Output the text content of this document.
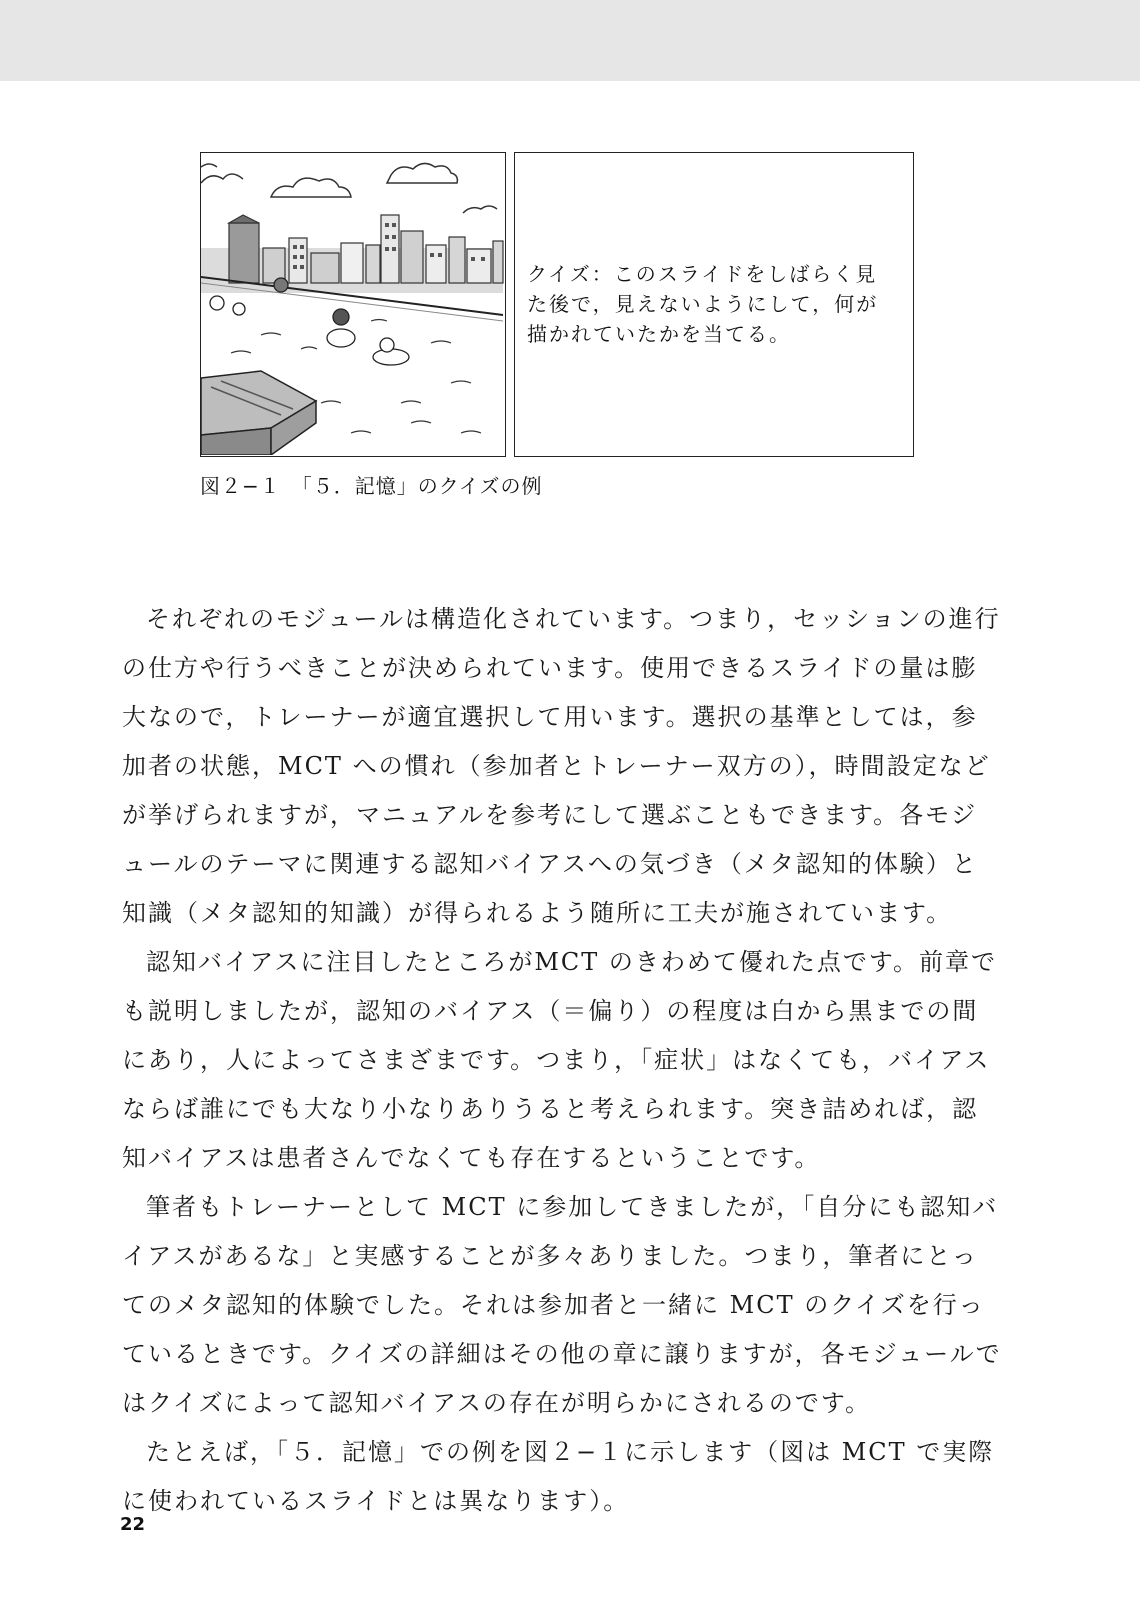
クイズ：このスライドをしばらく見
た後で，見えないようにして，何が
描かれていたかを当てる。
図２−１　「５．記憶」のクイズの例

それぞれのモジュールは構造化されています。つまり，セッションの進行の仕方や行うべきことが決められています。使用できるスライドの量は膨大なので，トレーナーが適宜選択して用います。選択の基準としては，参加者の状態，MCT への慣れ（参加者とトレーナー双方の），時間設定などが挙げられますが，マニュアルを参考にして選ぶこともできます。各モジュールのテーマに関連する認知バイアスへの気づき（メタ認知的体験）と知識（メタ認知的知識）が得られるよう随所に工夫が施されています。

認知バイアスに注目したところがMCT のきわめて優れた点です。前章でも説明しましたが，認知のバイアス（＝偏り）の程度は白から黒までの間にあり，人によってさまざまです。つまり，「症状」はなくても，バイアスならば誰にでも大なり小なりありうると考えられます。突き詰めれば，認知バイアスは患者さんでなくても存在するということです。

筆者もトレーナーとして MCT に参加してきましたが，「自分にも認知バイアスがあるな」と実感することが多々ありました。つまり，筆者にとってのメタ認知的体験でした。それは参加者と一緒に MCT のクイズを行っているときです。クイズの詳細はその他の章に譲りますが，各モジュールではクイズによって認知バイアスの存在が明らかにされるのです。

たとえば，「５．記憶」での例を図２−１に示します（図は MCT で実際に使われているスライドとは異なります）。

22
